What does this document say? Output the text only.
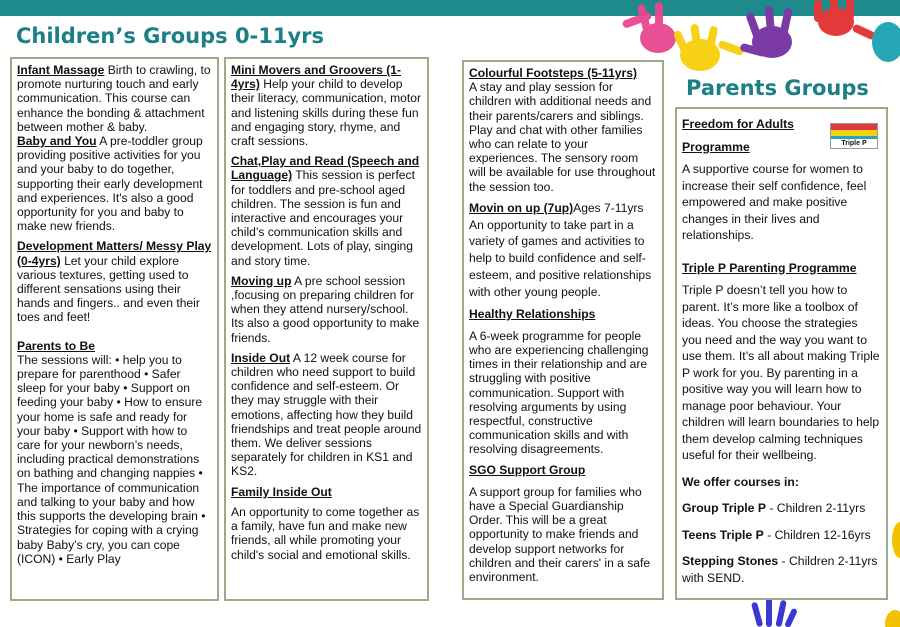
Children’s Groups 0-11yrs
Parents Groups

Infant Massage Birth to crawling, to promote nurturing touch and early communication. This course can enhance the bonding & attachment between mother & baby.

Baby and You A pre-toddler group providing positive activities for you and your baby to do together, supporting their early development and experiences. It's also a good opportunity for you and baby to make new friends.

Development Matters/ Messy Play (0-4yrs) Let your child explore various textures, getting used to different sensations using their hands and fingers.. and even their toes and feet!

Parents to Be
The sessions will: • help you to prepare for parenthood • Safer sleep for your baby • Support on feeding your baby • How to ensure your home is safe and ready for your baby • Support with how to care for your newborn’s needs, including practical demonstrations on bathing and changing nappies • The importance of communication and talking to your baby and how this supports the developing brain • Strategies for coping with a crying baby Baby’s cry, you can cope (ICON) • Early Play

Mini Movers and Groovers (1-4yrs) Help your child to develop their literacy, communication, motor and listening skills during these fun and engaging story, rhyme, and craft sessions.

Chat,Play and Read (Speech and Language) This session is perfect for toddlers and pre-school aged children. The session is fun and interactive and encourages your child’s communication skills and development. Lots of play, singing and story time.

Moving up A pre school session ,focusing on preparing children for when they attend nursery/school. Its also a good opportunity to make friends.

Inside Out A 12 week course for children who need support to build confidence and self-esteem. Or they may struggle with their emotions, affecting how they build friendships and treat people around them. We deliver sessions separately for children in KS1 and KS2.

Family Inside Out
An opportunity to come together as a family, have fun and make new friends, all while promoting your child's social and emotional skills.

Colourful Footsteps (5-11yrs)
A stay and play session for children with additional needs and their parents/carers and siblings. Play and chat with other families who can relate to your experiences. The sensory room will be available for use throughout the session too.

Movin on up (7up)Ages 7-11yrs An opportunity to take part in a variety of games and activities to help to build confidence and self-esteem, and positive relationships with other young people.

Healthy Relationships
A 6-week programme for people who are experiencing challenging times in their relationship and are struggling with positive communication. Support with resolving arguments by using respectful, constructive communication skills and with resolving disagreements.

SGO Support Group
A support group for families who have a Special Guardianship Order. This will be a great opportunity to make friends and develop support networks for children and their carers' in a safe environment.

Triple P

Freedom for Adults
Programme

A supportive course for women to increase their self confidence, feel empowered and make positive changes in their lives and relationships.

Triple P Parenting Programme

Triple P doesn’t tell you how to parent. It’s more like a toolbox of ideas. You choose the strategies you need and the way you want to use them. It’s all about making Triple P work for you. By parenting in a positive way you will learn how to manage poor behaviour. Your children will learn boundaries to help them develop calming techniques useful for their wellbeing.

We offer courses in:

Group Triple P - Children 2-11yrs

Teens Triple P - Children 12-16yrs

Stepping Stones - Children 2-11yrs with SEND.
